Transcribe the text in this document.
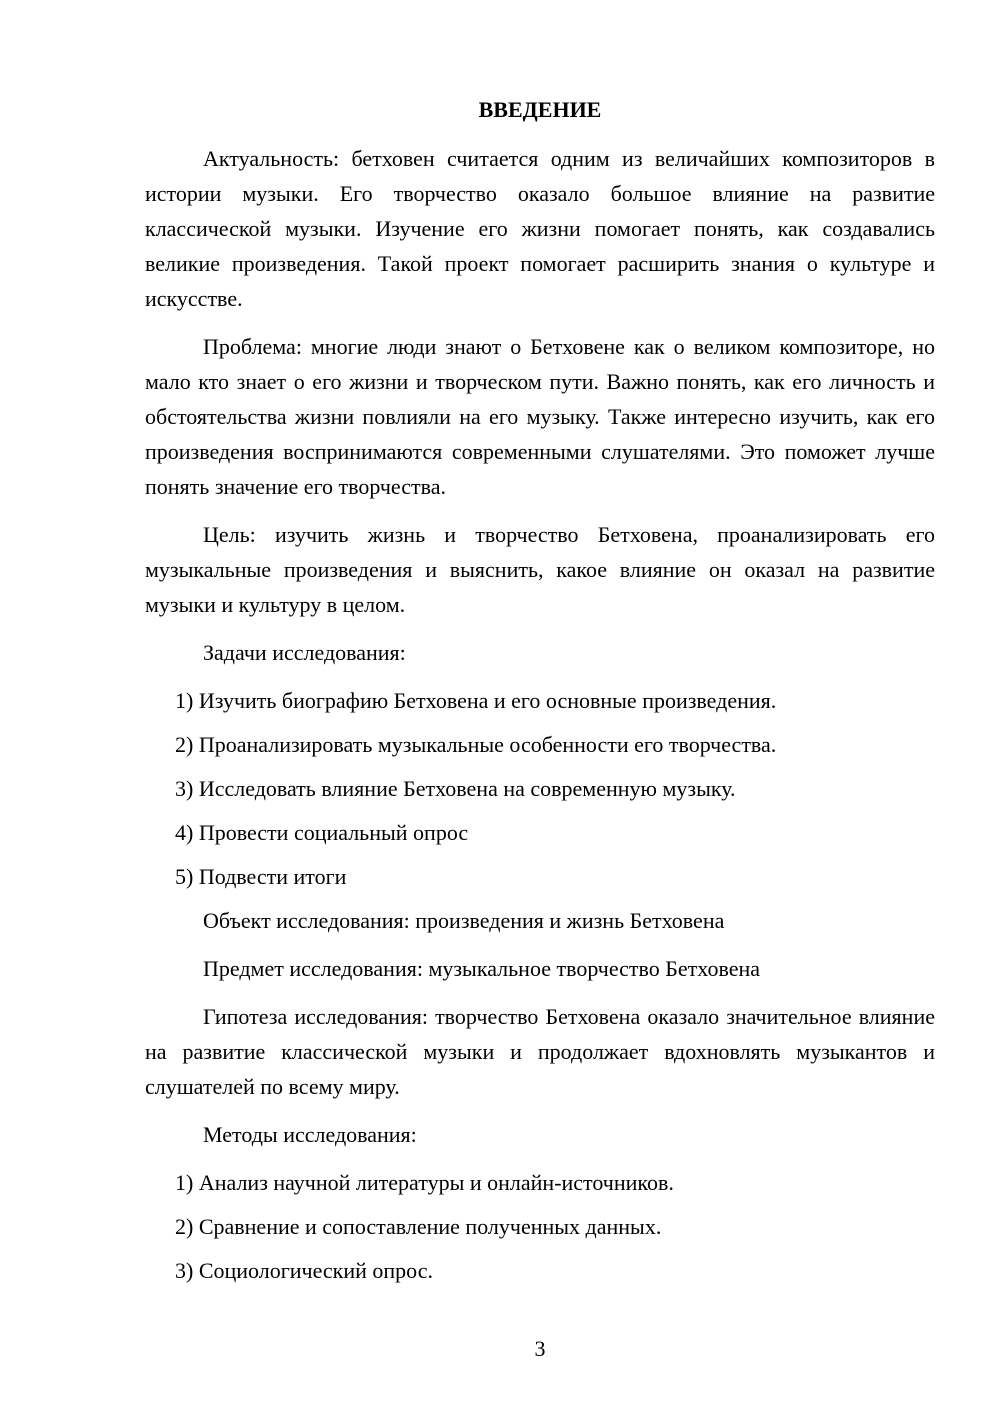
ВВЕДЕНИЕ

Актуальность: бетховен считается одним из величайших композиторов в истории музыки. Его творчество оказало большое влияние на развитие классической музыки. Изучение его жизни помогает понять, как создавались великие произведения. Такой проект помогает расширить знания о культуре и искусстве.

Проблема: многие люди знают о Бетховене как о великом композиторе, но мало кто знает о его жизни и творческом пути. Важно понять, как его личность и обстоятельства жизни повлияли на его музыку. Также интересно изучить, как его произведения воспринимаются современными слушателями. Это поможет лучше понять значение его творчества.

Цель: изучить жизнь и творчество Бетховена, проанализировать его музыкальные произведения и выяснить, какое влияние он оказал на развитие музыки и культуру в целом.

Задачи исследования:

1) Изучить биографию Бетховена и его основные произведения.
2) Проанализировать музыкальные особенности его творчества.
3) Исследовать влияние Бетховена на современную музыку.
4) Провести социальный опрос
5) Подвести итоги

Объект исследования: произведения и жизнь Бетховена

Предмет исследования: музыкальное творчество Бетховена

Гипотеза исследования: творчество Бетховена оказало значительное влияние на развитие классической музыки и продолжает вдохновлять музыкантов и слушателей по всему миру.

Методы исследования:

1) Анализ научной литературы и онлайн-источников.
2) Сравнение и сопоставление полученных данных.
3) Социологический опрос.
3
